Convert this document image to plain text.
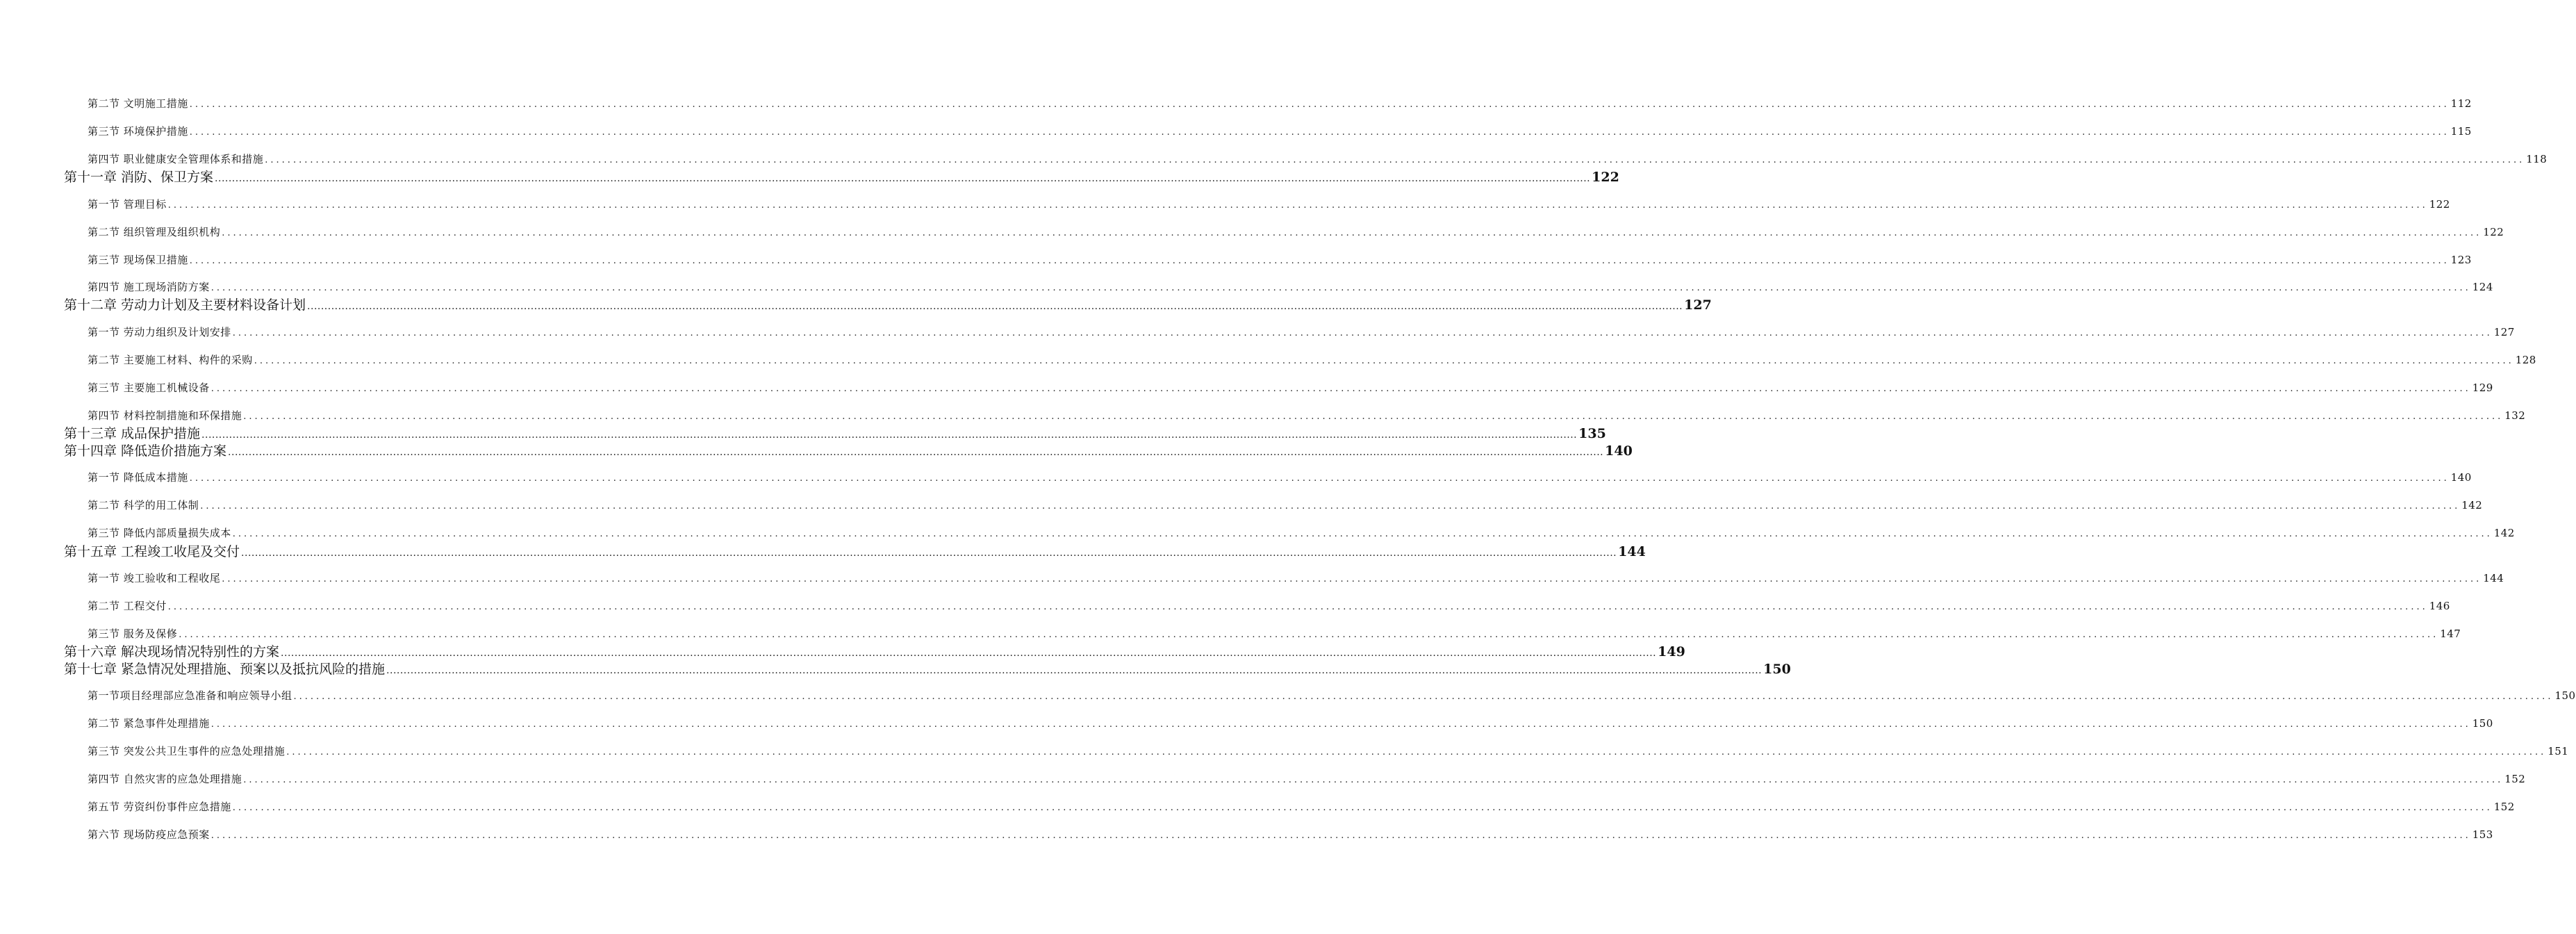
第二节 文明施工措施 ................................................................................................................................................................................................................................................................................................................................................................................................................ 112
第三节 环境保护措施 ................................................................................................................................................................................................................................................................................................................................................................................................................ 115
第四节 职业健康安全管理体系和措施 ................................................................................................................................................................................................................................................................................................................................................................................................................ 118
第十一章 消防、保卫方案 ................................................................................................................................................................................................................................................................................................................................................................................................................ 122
第一节 管理目标 ................................................................................................................................................................................................................................................................................................................................................................................................................ 122
第二节 组织管理及组织机构 ................................................................................................................................................................................................................................................................................................................................................................................................................ 122
第三节 现场保卫措施 ................................................................................................................................................................................................................................................................................................................................................................................................................ 123
第四节 施工现场消防方案 ................................................................................................................................................................................................................................................................................................................................................................................................................ 124
第十二章 劳动力计划及主要材料设备计划 ................................................................................................................................................................................................................................................................................................................................................................................................................ 127
第一节 劳动力组织及计划安排 ................................................................................................................................................................................................................................................................................................................................................................................................................ 127
第二节 主要施工材料、构件的采购 ................................................................................................................................................................................................................................................................................................................................................................................................................ 128
第三节 主要施工机械设备 ................................................................................................................................................................................................................................................................................................................................................................................................................ 129
第四节 材料控制措施和环保措施 ................................................................................................................................................................................................................................................................................................................................................................................................................ 132
第十三章 成品保护措施 ................................................................................................................................................................................................................................................................................................................................................................................................................ 135
第十四章 降低造价措施方案 ................................................................................................................................................................................................................................................................................................................................................................................................................ 140
第一节 降低成本措施 ................................................................................................................................................................................................................................................................................................................................................................................................................ 140
第二节 科学的用工体制 ................................................................................................................................................................................................................................................................................................................................................................................................................ 142
第三节 降低内部质量损失成本 ................................................................................................................................................................................................................................................................................................................................................................................................................ 142
第十五章 工程竣工收尾及交付 ................................................................................................................................................................................................................................................................................................................................................................................................................ 144
第一节 竣工验收和工程收尾 ................................................................................................................................................................................................................................................................................................................................................................................................................ 144
第二节 工程交付 ................................................................................................................................................................................................................................................................................................................................................................................................................ 146
第三节 服务及保修 ................................................................................................................................................................................................................................................................................................................................................................................................................ 147
第十六章 解决现场情况特别性的方案 ................................................................................................................................................................................................................................................................................................................................................................................................................ 149
第十七章 紧急情况处理措施、预案以及抵抗风险的措施 ................................................................................................................................................................................................................................................................................................................................................................................................................ 150
第一节项目经理部应急准备和响应领导小组 ................................................................................................................................................................................................................................................................................................................................................................................................................ 150
第二节 紧急事件处理措施 ................................................................................................................................................................................................................................................................................................................................................................................................................ 150
第三节 突发公共卫生事件的应急处理措施 ................................................................................................................................................................................................................................................................................................................................................................................................................ 151
第四节 自然灾害的应急处理措施 ................................................................................................................................................................................................................................................................................................................................................................................................................ 152
第五节 劳资纠份事件应急措施 ................................................................................................................................................................................................................................................................................................................................................................................................................ 152
第六节 现场防疫应急预案 ................................................................................................................................................................................................................................................................................................................................................................................................................ 153
